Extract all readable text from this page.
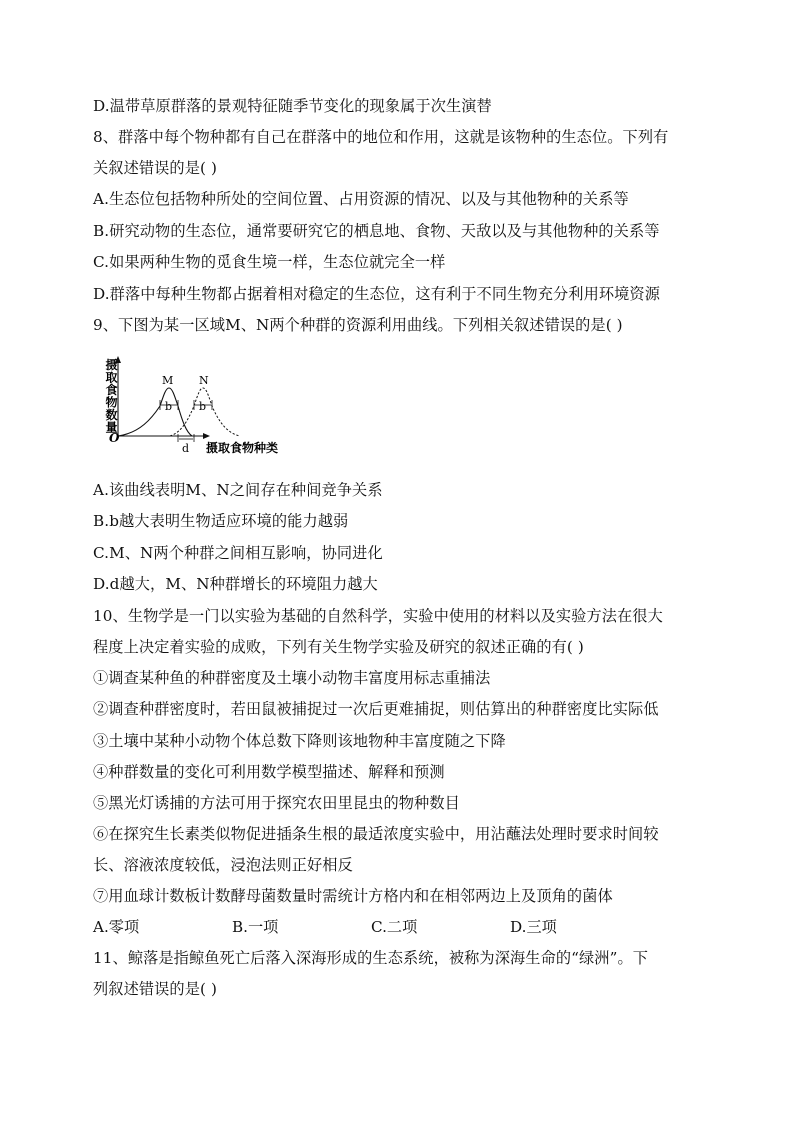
D.温带草原群落的景观特征随季节变化的现象属于次生演替
8、群落中每个物种都有自己在群落中的地位和作用，这就是该物种的生态位。下列有
关叙述错误的是( )
A.生态位包括物种所处的空间位置、占用资源的情况、以及与其他物种的关系等
B.研究动物的生态位，通常要研究它的栖息地、食物、天敌以及与其他物种的关系等
C.如果两种生物的觅食生境一样，生态位就完全一样
D.群落中每种生物都占据着相对稳定的生态位，这有利于不同生物充分利用环境资源
9、下图为某一区域M、N两个种群的资源利用曲线。下列相关叙述错误的是( )
摄取食物数量
O
摄取食物种类
M N
b b
d
A.该曲线表明M、N之间存在种间竞争关系
B.b越大表明生物适应环境的能力越弱
C.M、N两个种群之间相互影响，协同进化
D.d越大，M、N种群增长的环境阻力越大
10、生物学是一门以实验为基础的自然科学，实验中使用的材料以及实验方法在很大
程度上决定着实验的成败，下列有关生物学实验及研究的叙述正确的有( )
①调查某种鱼的种群密度及土壤小动物丰富度用标志重捕法
②调查种群密度时，若田鼠被捕捉过一次后更难捕捉，则估算出的种群密度比实际低
③土壤中某种小动物个体总数下降则该地物种丰富度随之下降
④种群数量的变化可利用数学模型描述、解释和预测
⑤黑光灯诱捕的方法可用于探究农田里昆虫的物种数目
⑥在探究生长素类似物促进插条生根的最适浓度实验中，用沾蘸法处理时要求时间较
长、溶液浓度较低，浸泡法则正好相反
⑦用血球计数板计数酵母菌数量时需统计方格内和在相邻两边上及顶角的菌体
A.零项	B.一项	C.二项	D.三项
11、鲸落是指鲸鱼死亡后落入深海形成的生态系统，被称为深海生命的“绿洲”。下
列叙述错误的是( )
